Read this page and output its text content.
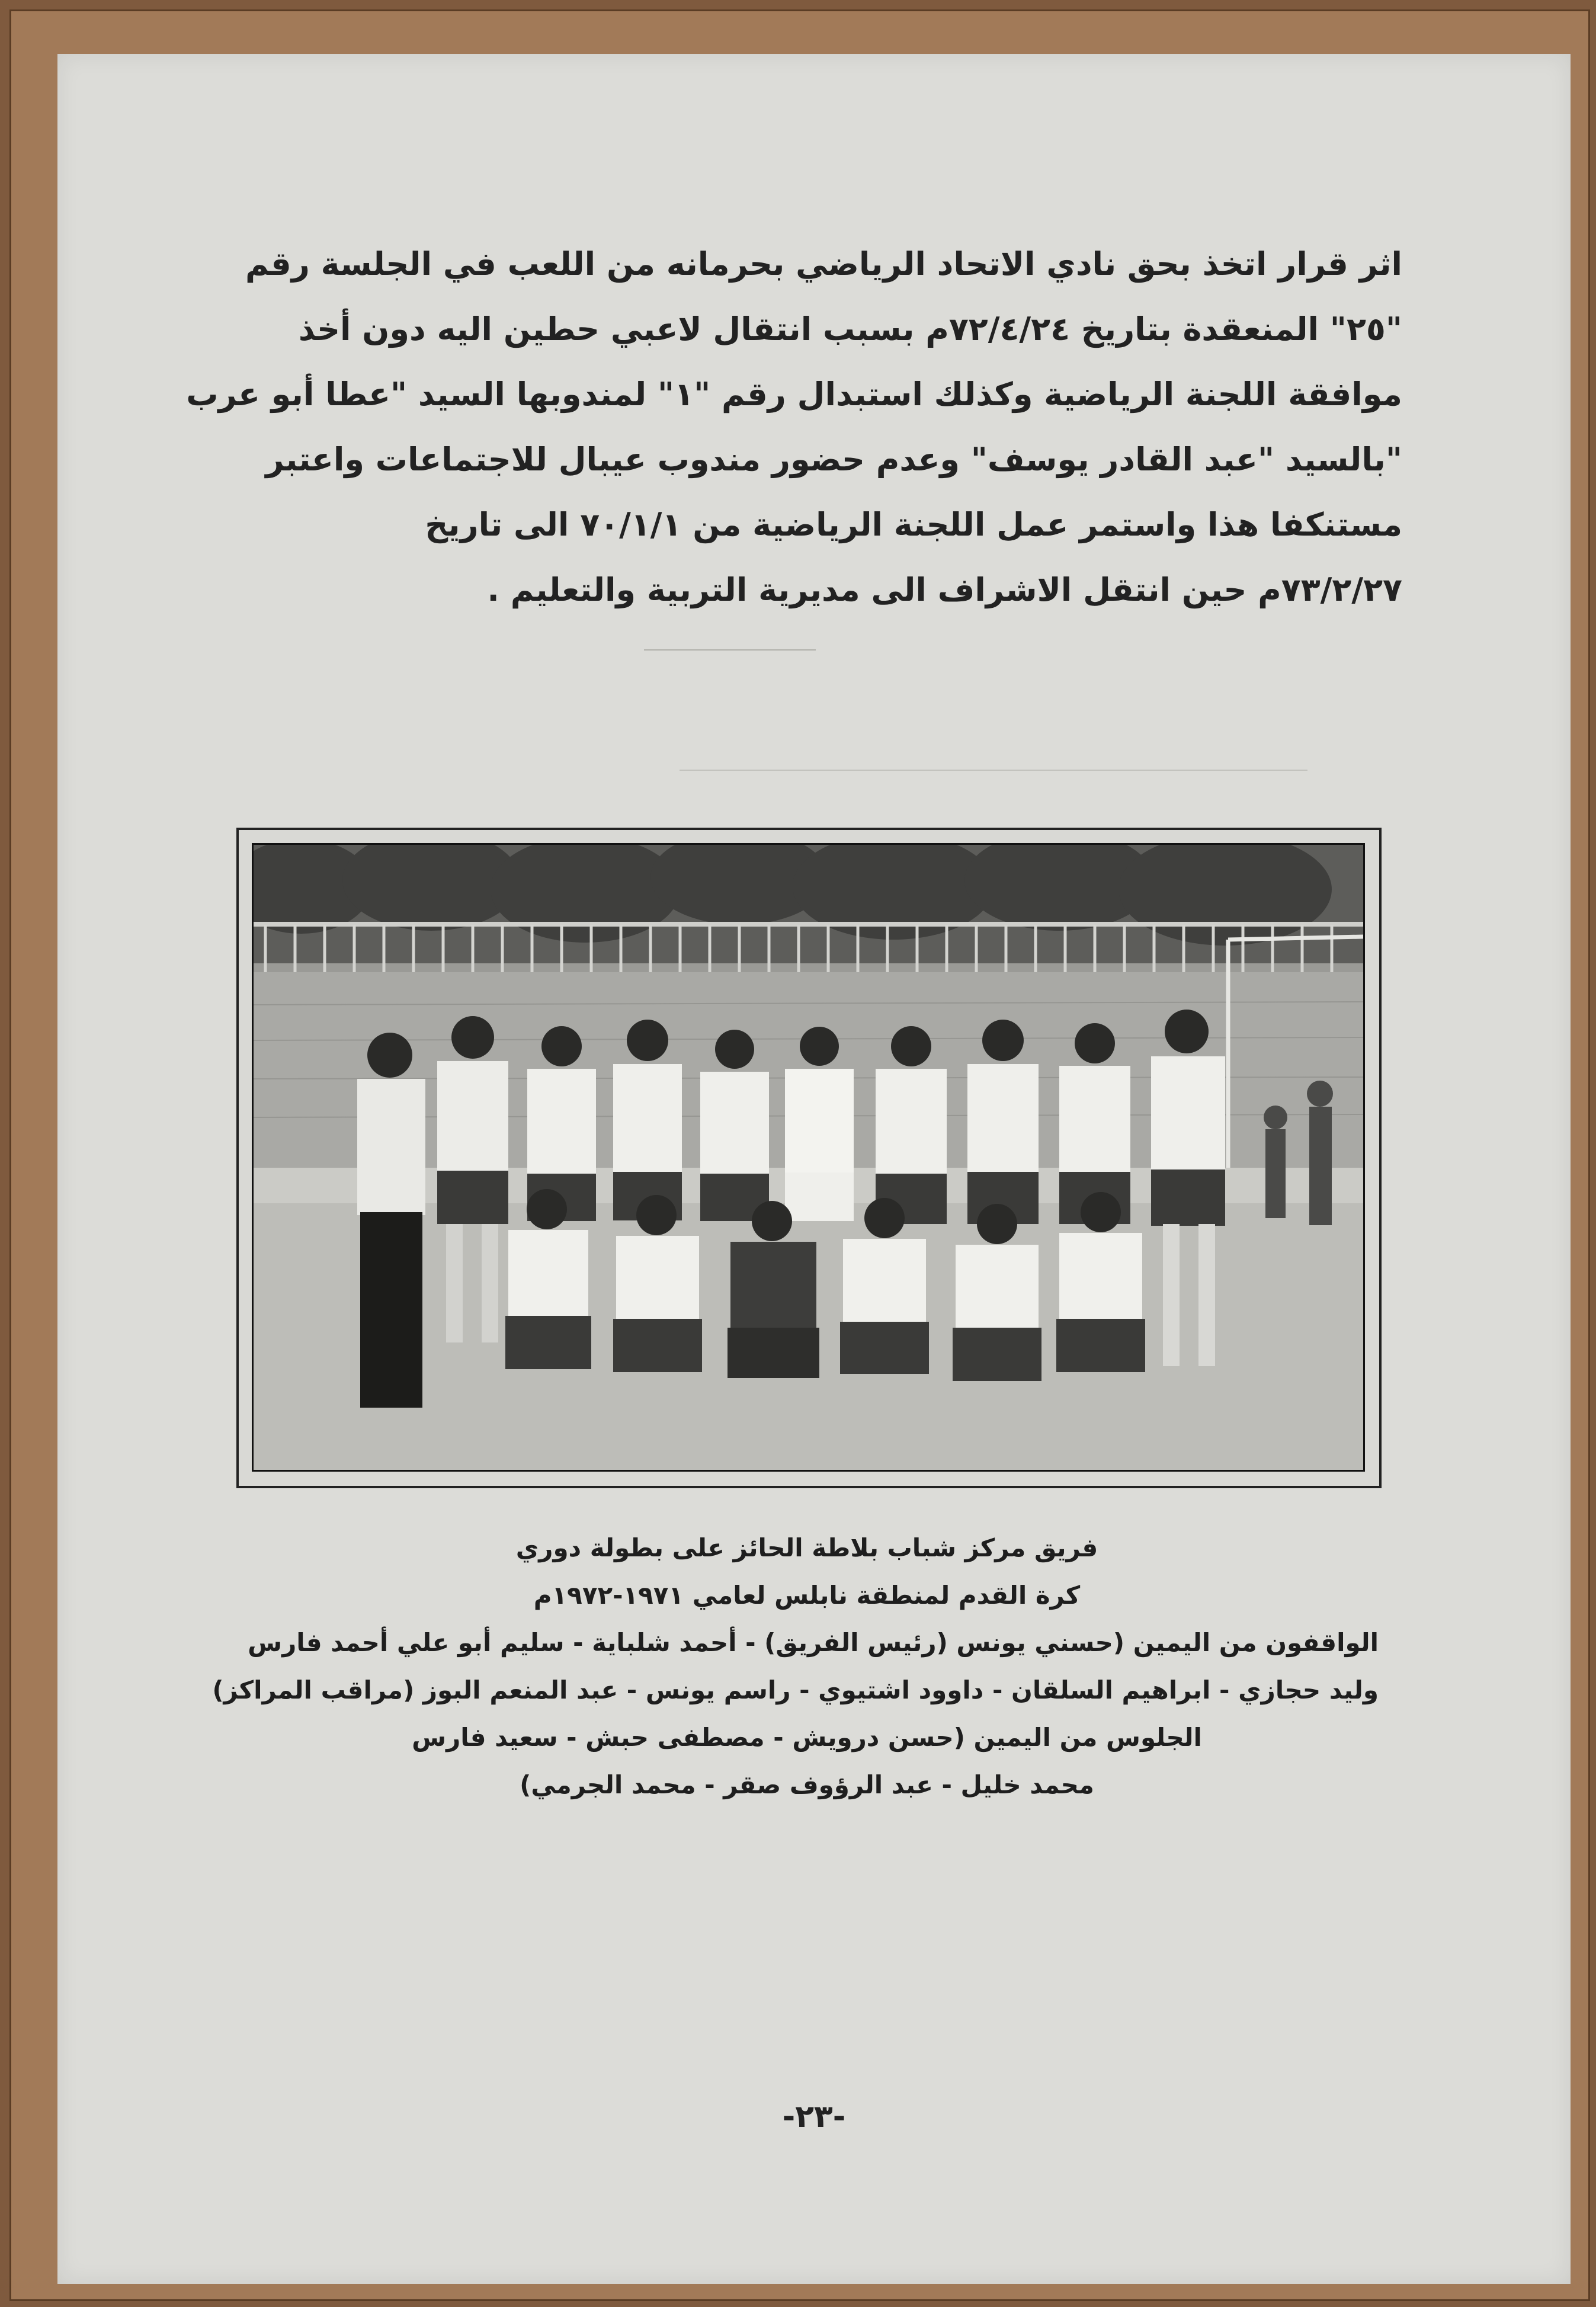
اثر قرار اتخذ بحق نادي الاتحاد الرياضي بحرمانه من اللعب في الجلسة رقم
"٢٥" المنعقدة بتاريخ ٧٢/٤/٢٤م بسبب انتقال لاعبي حطين اليه دون أخذ
موافقة اللجنة الرياضية وكذلك استبدال رقم "١" لمندوبها السيد "عطا أبو عرب
"بالسيد "عبد القادر يوسف" وعدم حضور مندوب عيبال للاجتماعات واعتبر
مستنكفا هذا واستمر عمل اللجنة الرياضية من ٧٠/١/١ الى تاريخ
٧٣/٢/٢٧م حين انتقل الاشراف الى مديرية التربية والتعليم .
فريق مركز شباب بلاطة الحائز على بطولة دوري
كرة القدم لمنطقة نابلس لعامي ١٩٧١-١٩٧٢م
الواقفون من اليمين (حسني يونس (رئيس الفريق) - أحمد شلباية - سليم أبو علي أحمد فارس
وليد حجازي - ابراهيم السلقان - داوود اشتيوي - راسم يونس - عبد المنعم البوز (مراقب المراكز)
الجلوس من اليمين (حسن درويش - مصطفى حبش - سعيد فارس
محمد خليل - عبد الرؤوف صقر - محمد الجرمي)
-٢٣-
